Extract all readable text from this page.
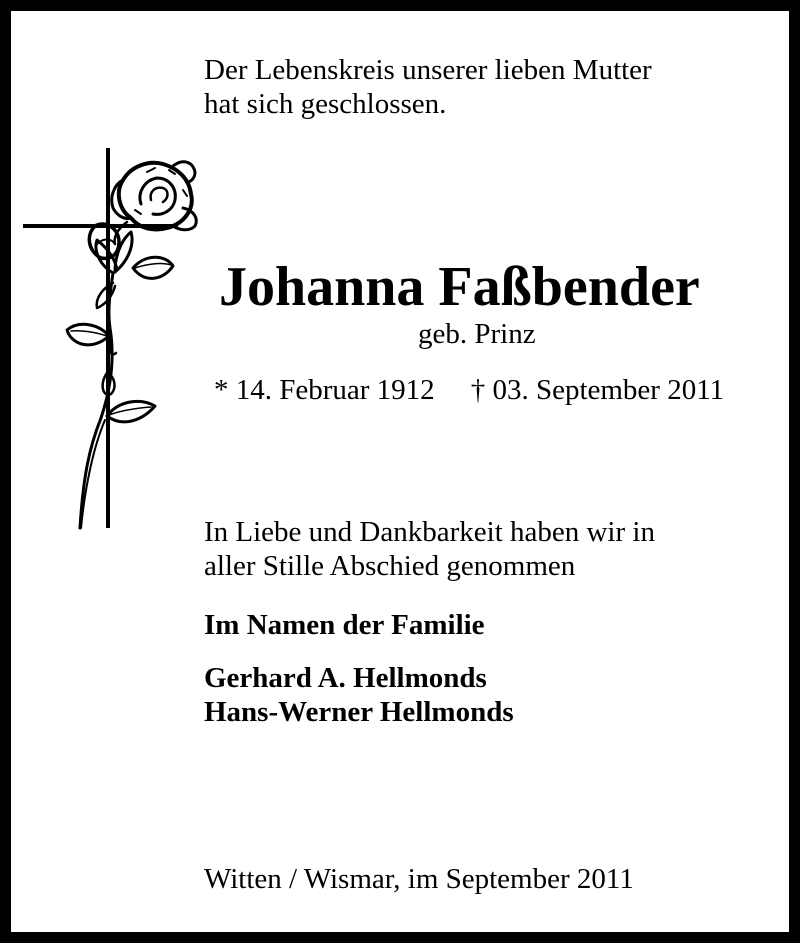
Der Lebenskreis unserer lieben Mutter
hat sich geschlossen.
Johanna Faßbender
geb. Prinz
* 14. Februar 1912 † 03. September 2011
In Liebe und Dankbarkeit haben wir in
aller Stille Abschied genommen
Im Namen der Familie
Gerhard A. Hellmonds
Hans-Werner Hellmonds
Witten / Wismar, im September 2011
